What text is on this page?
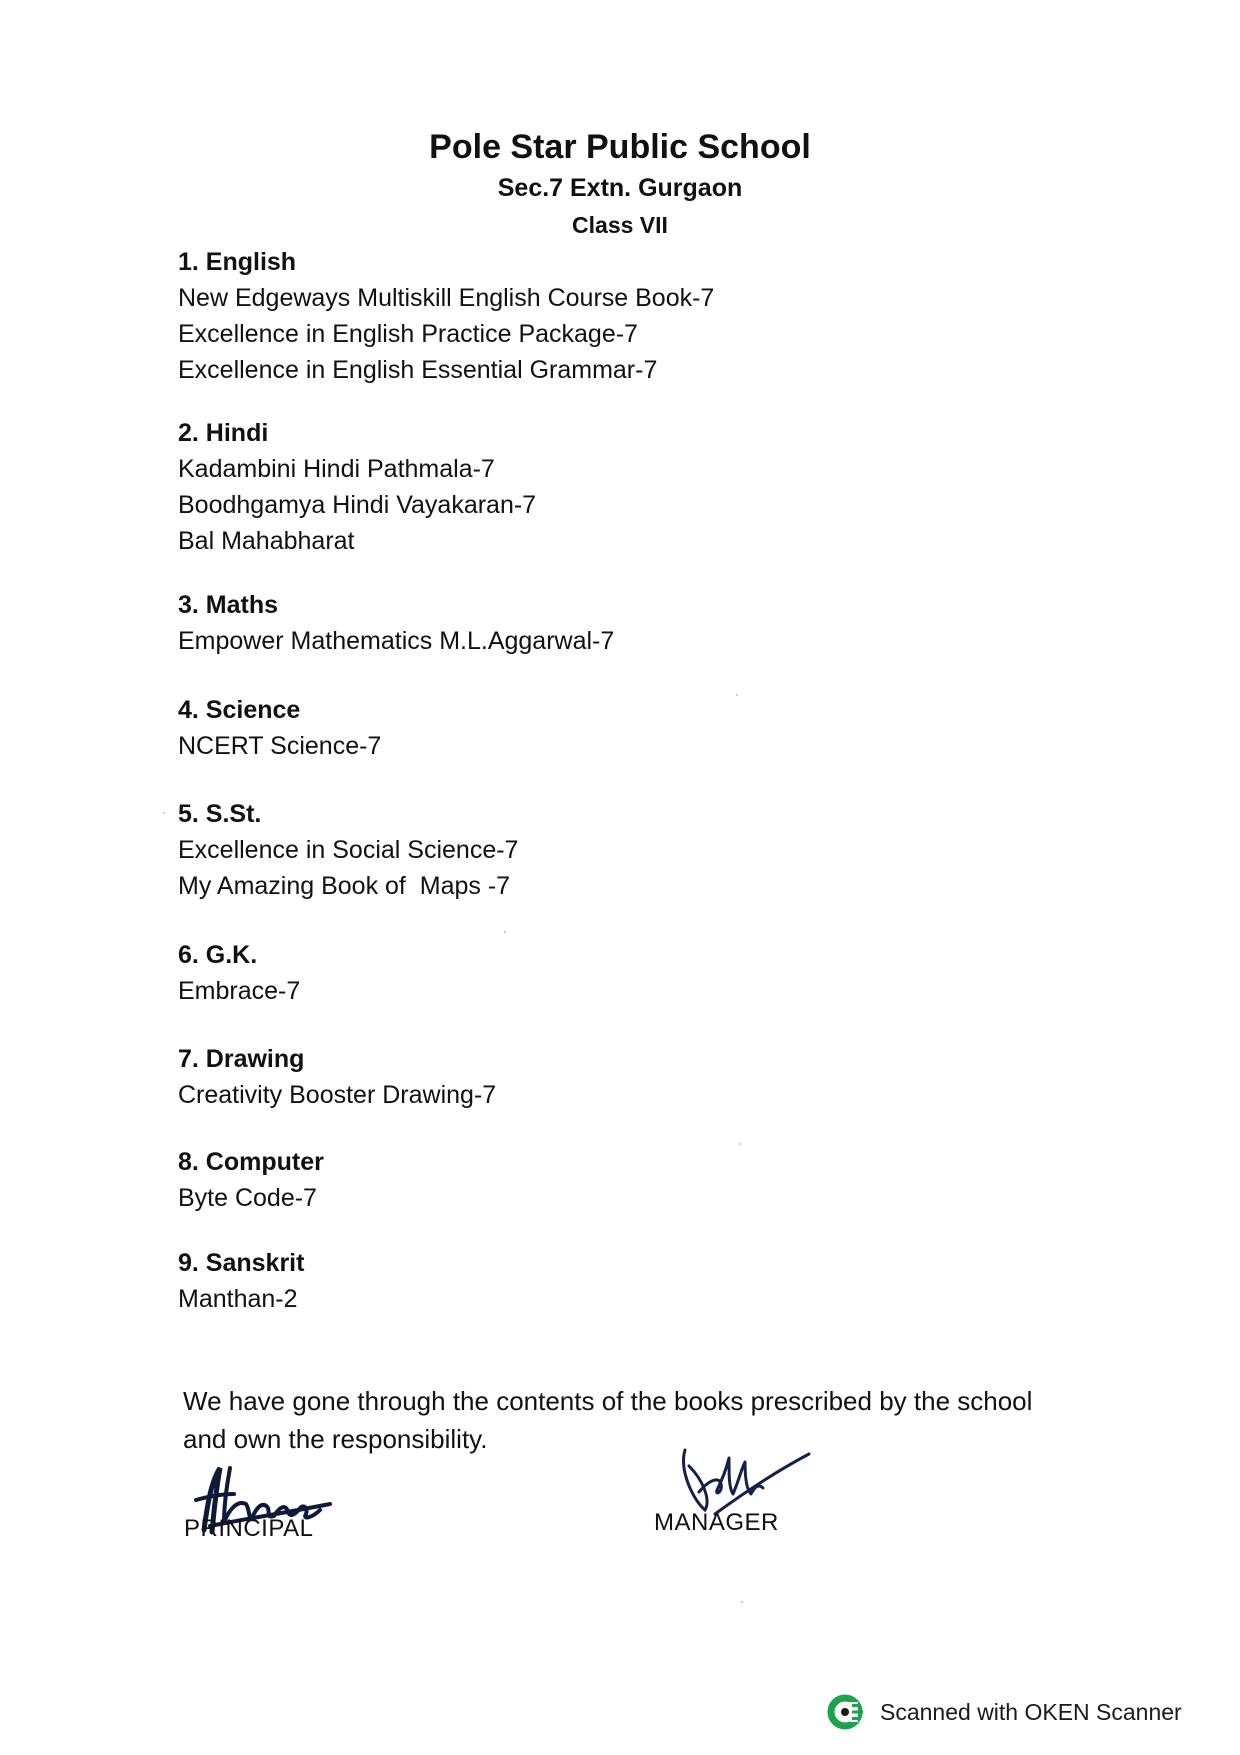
Pole Star Public School
Sec.7 Extn. Gurgaon
Class VII

1. English

New Edgeways Multiskill English Course Book-7

Excellence in English Practice Package-7

Excellence in English Essential Grammar-7

2. Hindi

Kadambini Hindi Pathmala-7

Boodhgamya Hindi Vayakaran-7

Bal Mahabharat

3. Maths

Empower Mathematics M.L.Aggarwal-7

4. Science

NCERT Science-7

5. S.St.

Excellence in Social Science-7

My Amazing Book of  Maps -7

6. G.K.

Embrace-7

7. Drawing

Creativity Booster Drawing-7

8. Computer

Byte Code-7

9. Sanskrit

Manthan-2

We have gone through the contents of the books prescribed by the school
and own the responsibility.
PRINCIPAL	MANAGER
Scanned with OKEN Scanner
